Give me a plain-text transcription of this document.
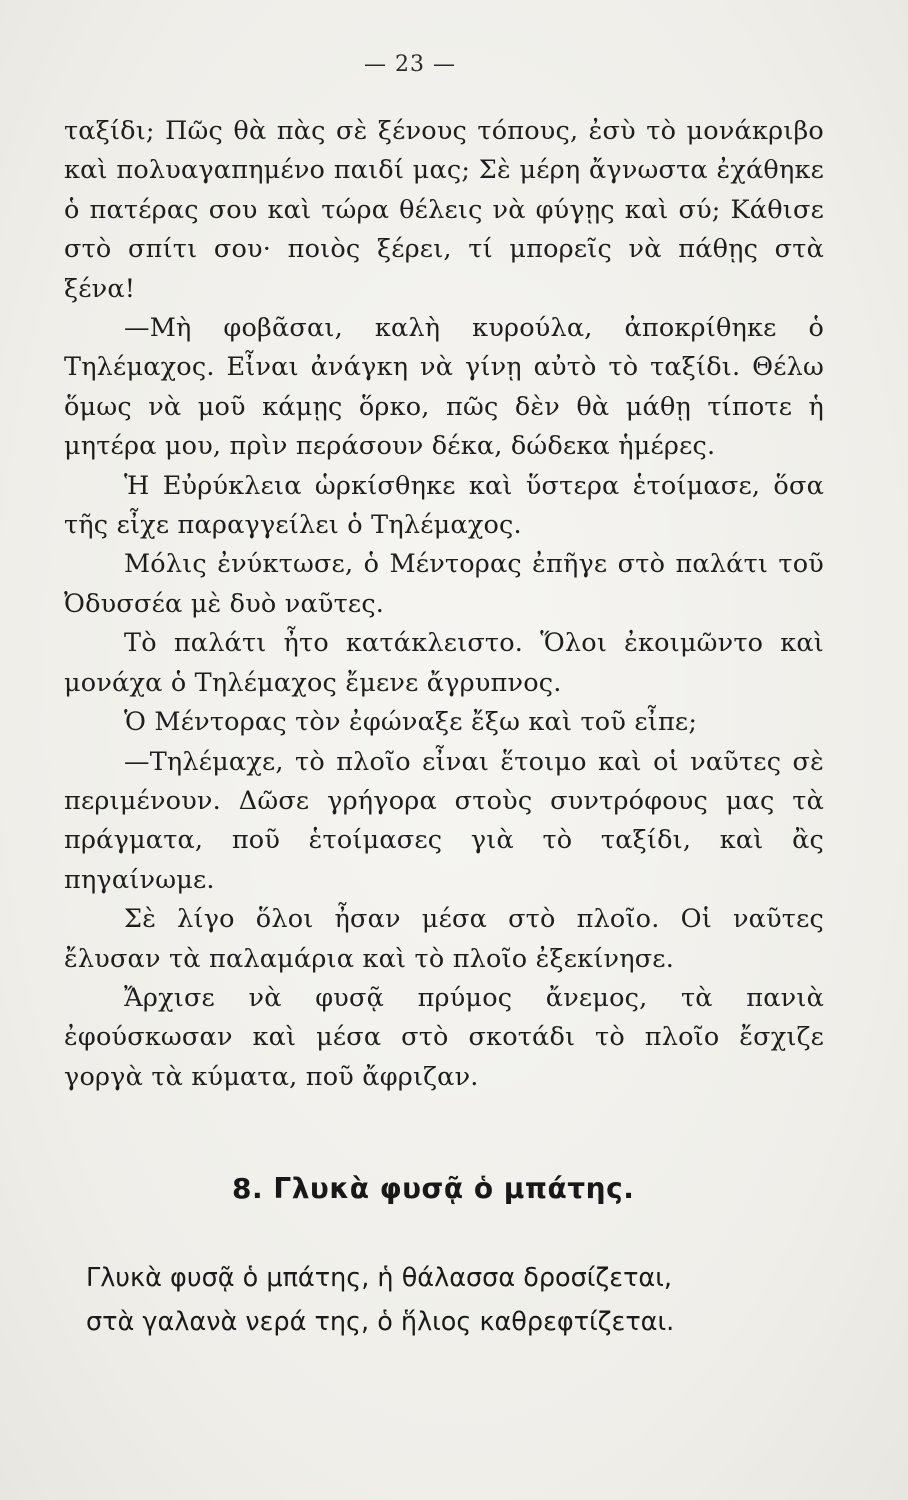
— 23 —

ταξίδι; Πῶς θὰ πὰς σὲ ξένους τόπους, ἐσὺ τὸ μονάκριβο καὶ πολυαγαπημένο παιδί μας; Σὲ μέρη ἄγνωστα ἐχάθηκε ὁ πατέρας σου καὶ τώρα θέλεις νὰ φύγῃς καὶ σύ; Κάθισε στὸ σπίτι σου· ποιὸς ξέρει, τί μπορεῖς νὰ πάθῃς στὰ ξένα!

—Μὴ φοβᾶσαι, καλὴ κυρούλα, ἀποκρίθηκε ὁ Τηλέμαχος. Εἶναι ἀνάγκη νὰ γίνῃ αὐτὸ τὸ ταξίδι. Θέλω ὅμως νὰ μοῦ κάμῃς ὅρκο, πῶς δὲν θὰ μάθῃ τίποτε ἡ μητέρα μου, πρὶν περάσουν δέκα, δώδεκα ἡμέρες.

Ἡ Εὐρύκλεια ὡρκίσθηκε καὶ ὕστερα ἑτοίμασε, ὅσα τῆς εἶχε παραγγείλει ὁ Τηλέμαχος.

Μόλις ἐνύκτωσε, ὁ Μέντορας ἐπῆγε στὸ παλάτι τοῦ Ὀδυσσέα μὲ δυὸ ναῦτες.

Τὸ παλάτι ἦτο κατάκλειστο. Ὅλοι ἐκοιμῶντο καὶ μονάχα ὁ Τηλέμαχος ἔμενε ἄγρυπνος.

Ὁ Μέντορας τὸν ἐφώναξε ἔξω καὶ τοῦ εἶπε;

—Τηλέμαχε, τὸ πλοῖο εἶναι ἕτοιμο καὶ οἱ ναῦτες σὲ περιμένουν. Δῶσε γρήγορα στοὺς συντρόφους μας τὰ πράγματα, ποῦ ἑτοίμασες γιὰ τὸ ταξίδι, καὶ ἂς πηγαίνωμε.

Σὲ λίγο ὅλοι ἦσαν μέσα στὸ πλοῖο. Οἱ ναῦτες ἔλυσαν τὰ παλαμάρια καὶ τὸ πλοῖο ἐξεκίνησε.

Ἄρχισε νὰ φυσᾷ πρύμος ἄνεμος, τὰ πανιὰ ἐφούσκωσαν καὶ μέσα στὸ σκοτάδι τὸ πλοῖο ἔσχιζε γοργὰ τὰ κύματα, ποῦ ἄφριζαν.

8. Γλυκὰ φυσᾷ ὁ μπάτης.
Γλυκὰ φυσᾷ ὁ μπάτης, ἡ θάλασσα δροσίζεται,
στὰ γαλανὰ νερά της, ὁ ἥλιος καθρεφτίζεται.
